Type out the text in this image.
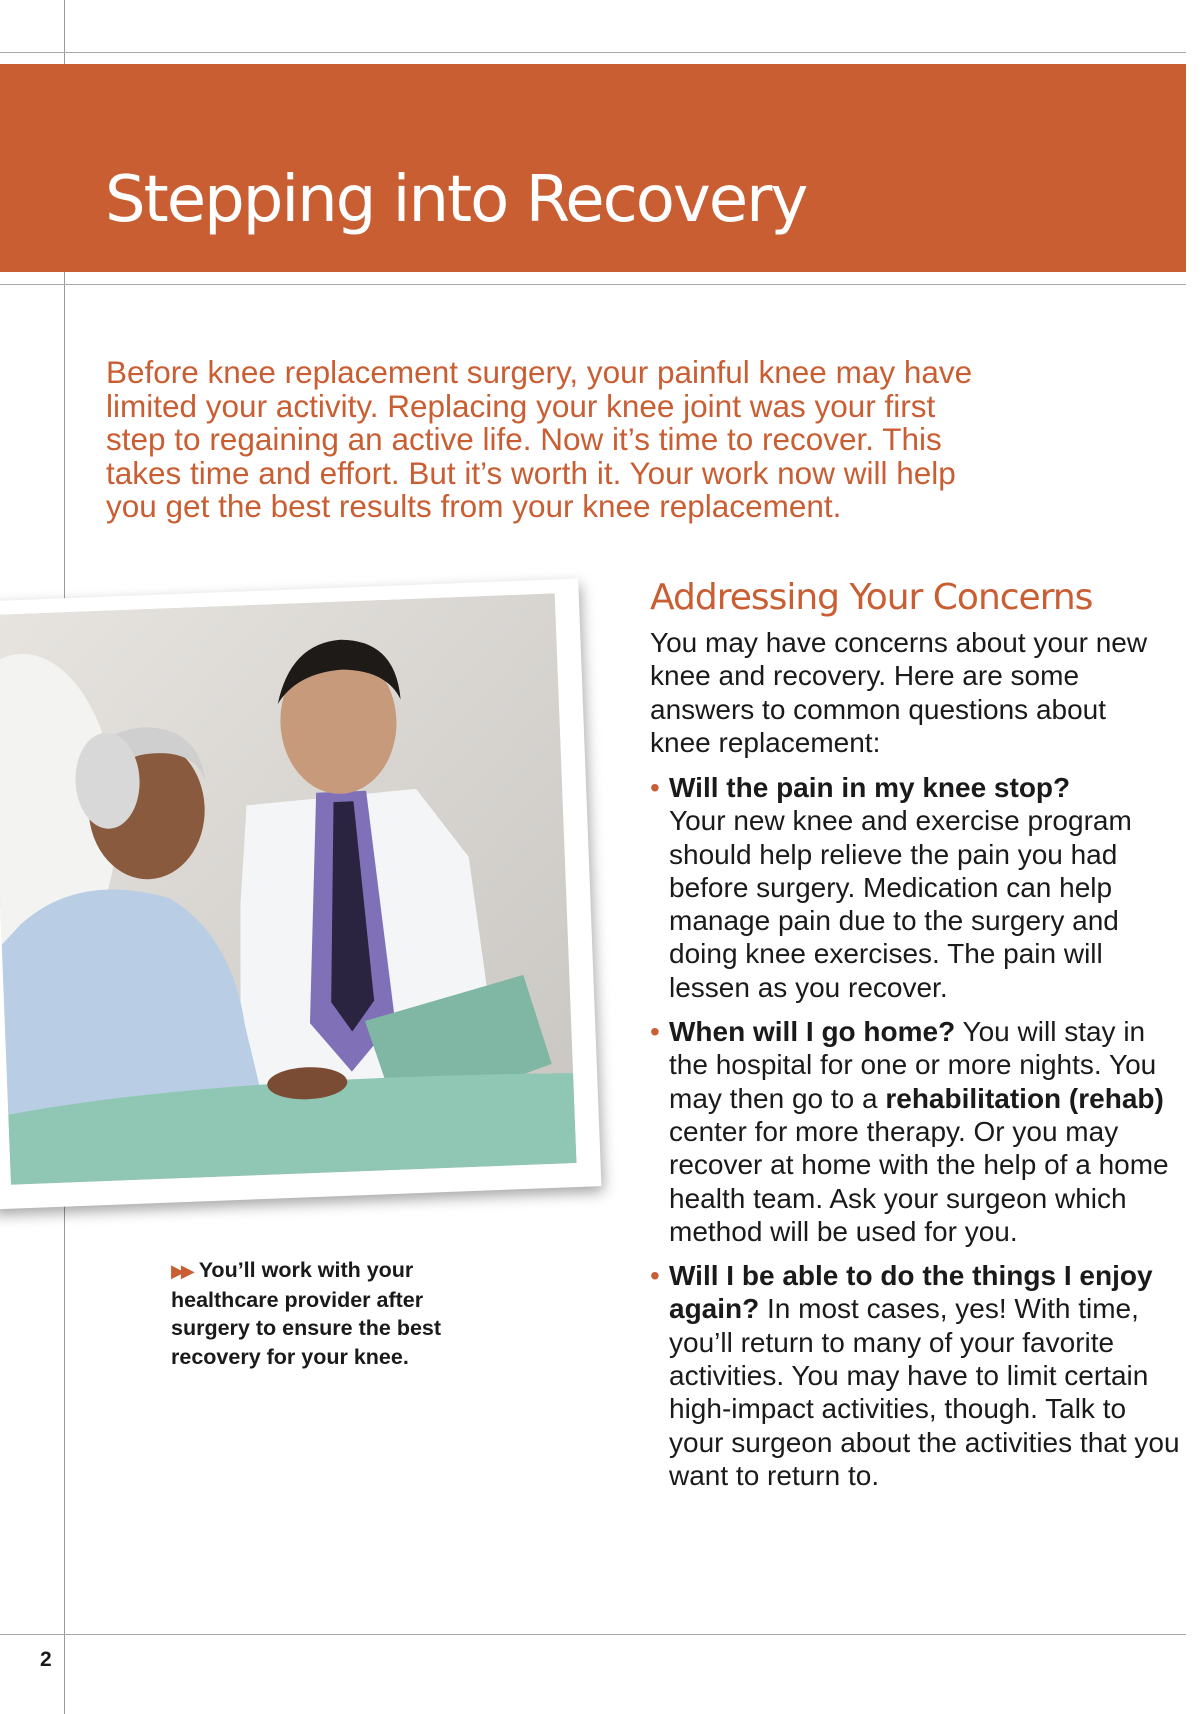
Stepping into Recovery

Before knee replacement surgery, your painful knee may have limited your activity. Replacing your knee joint was your first step to regaining an active life. Now it’s time to recover. This takes time and effort. But it’s worth it. Your work now will help you get the best results from your knee replacement.

▶▶ You’ll work with your healthcare provider after surgery to ensure the best recovery for your knee.

Addressing Your Concerns

You may have concerns about your new knee and recovery. Here are some answers to common questions about knee replacement:

• Will the pain in my knee stop?
Your new knee and exercise program should help relieve the pain you had before surgery. Medication can help manage pain due to the surgery and doing knee exercises. The pain will lessen as you recover.
• When will I go home? You will stay in the hospital for one or more nights. You may then go to a rehabilitation (rehab) center for more therapy. Or you may recover at home with the help of a home health team. Ask your surgeon which method will be used for you.
• Will I be able to do the things I enjoy again? In most cases, yes! With time, you’ll return to many of your favorite activities. You may have to limit certain high-impact activities, though. Talk to your surgeon about the activities that you want to return to.

2
